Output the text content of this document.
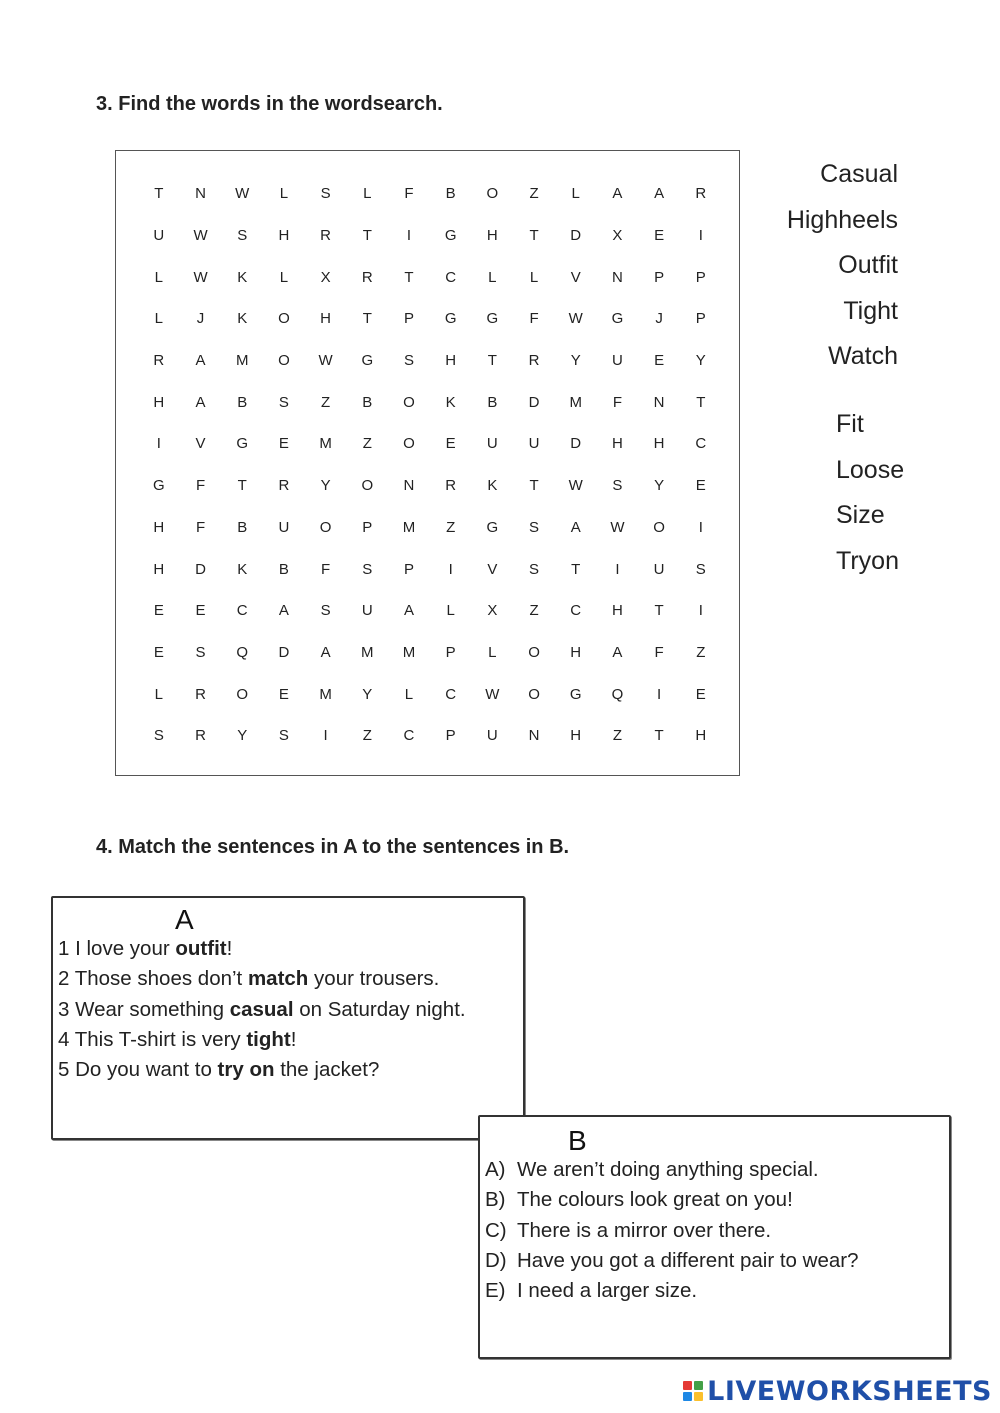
3. Find the words in the wordsearch.
T	N	W	L	S	L	F	B	O	Z	L	A	A	R
U	W	S	H	R	T	I	G	H	T	D	X	E	I
L	W	K	L	X	R	T	C	L	L	V	N	P	P
L	J	K	O	H	T	P	G	G	F	W	G	J	P
R	A	M	O	W	G	S	H	T	R	Y	U	E	Y
H	A	B	S	Z	B	O	K	B	D	M	F	N	T
I	V	G	E	M	Z	O	E	U	U	D	H	H	C
G	F	T	R	Y	O	N	R	K	T	W	S	Y	E
H	F	B	U	O	P	M	Z	G	S	A	W	O	I
H	D	K	B	F	S	P	I	V	S	T	I	U	S
E	E	C	A	S	U	A	L	X	Z	C	H	T	I
E	S	Q	D	A	M	M	P	L	O	H	A	F	Z
L	R	O	E	M	Y	L	C	W	O	G	Q	I	E
S	R	Y	S	I	Z	C	P	U	N	H	Z	T	H
Casual
Highheels
Outfit
Tight
Watch
Fit
Loose
Size
Tryon
4. Match the sentences in A to the sentences in B.
A
1 I love your outfit!
2 Those shoes don’t match your trousers.
3 Wear something casual on Saturday night.
4 This T-shirt is very tight!
5 Do you want to try on the jacket?
B
A) We aren’t doing anything special.
B) The colours look great on you!
C) There is a mirror over there.
D) Have you got a different pair to wear?
E) I need a larger size.
LIVEWORKSHEETS
